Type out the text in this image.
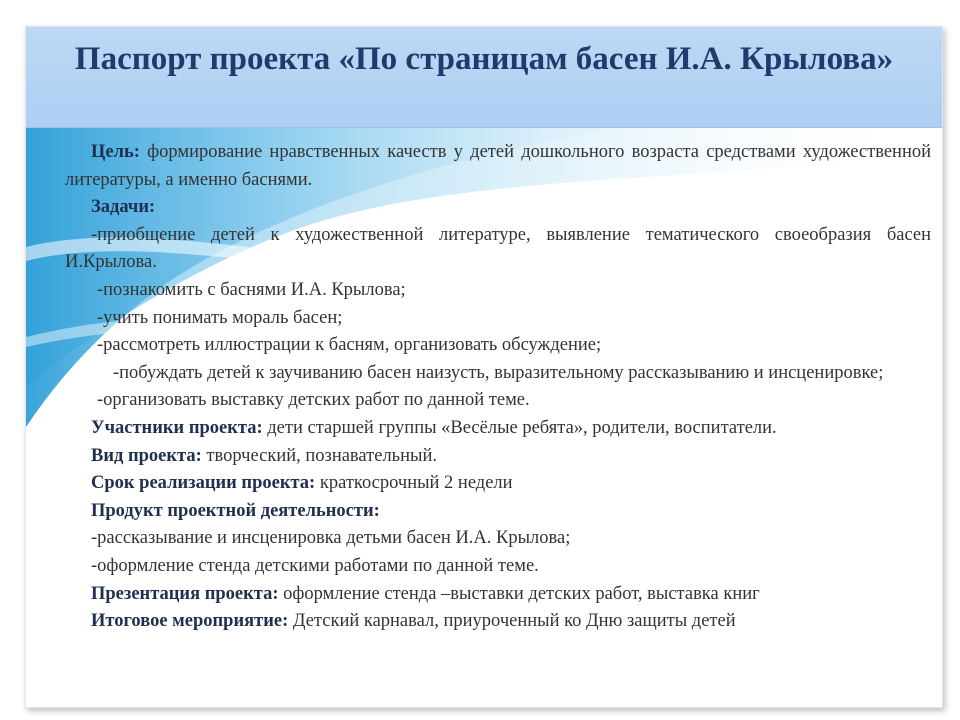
Паспорт проекта «По страницам басен И.А. Крылова»

Цель: формирование нравственных качеств у детей дошкольного возраста средствами художественной литературы, а именно баснями.

Задачи:

-приобщение детей к художественной литературе, выявление тематического своеобразия басен И.Крылова.

-познакомить с баснями И.А. Крылова;

-учить понимать мораль басен;

-рассмотреть иллюстрации к басням, организовать обсуждение;

-побуждать детей к заучиванию басен наизусть, выразительному рассказыванию и инсценировке;

-организовать выставку детских работ по данной теме.

Участники проекта: дети старшей группы «Весёлые ребята», родители, воспитатели.

Вид проекта: творческий, познавательный.

Срок реализации проекта: краткосрочный 2 недели

Продукт проектной деятельности:

-рассказывание и инсценировка детьми басен И.А. Крылова;

-оформление стенда детскими работами по данной теме.

Презентация проекта: оформление стенда –выставки детских работ, выставка книг

Итоговое мероприятие: Детский карнавал, приуроченный ко Дню защиты детей
